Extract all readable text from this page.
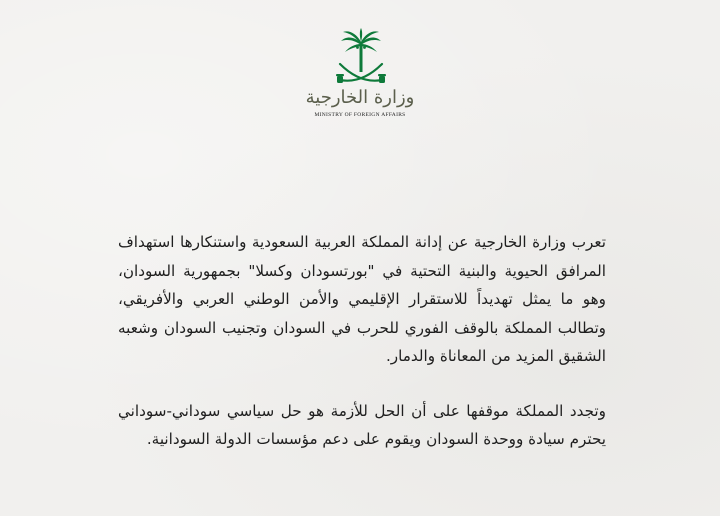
وزارة الخارجية
MINISTRY OF FOREIGN AFFAIRS

تعرب وزارة الخارجية عن إدانة المملكة العربية السعودية واستنكارها استهداف المرافق الحيوية والبنية التحتية في "بورتسودان وكسلا" بجمهورية السودان، وهو ما يمثل تهديداً للاستقرار الإقليمي والأمن الوطني العربي والأفريقي، وتطالب المملكة بالوقف الفوري للحرب في السودان وتجنيب السودان وشعبه الشقيق المزيد من المعاناة والدمار.

وتجدد المملكة موقفها على أن الحل للأزمة هو حل سياسي سوداني-سوداني يحترم سيادة ووحدة السودان ويقوم على دعم مؤسسات الدولة السودانية.
